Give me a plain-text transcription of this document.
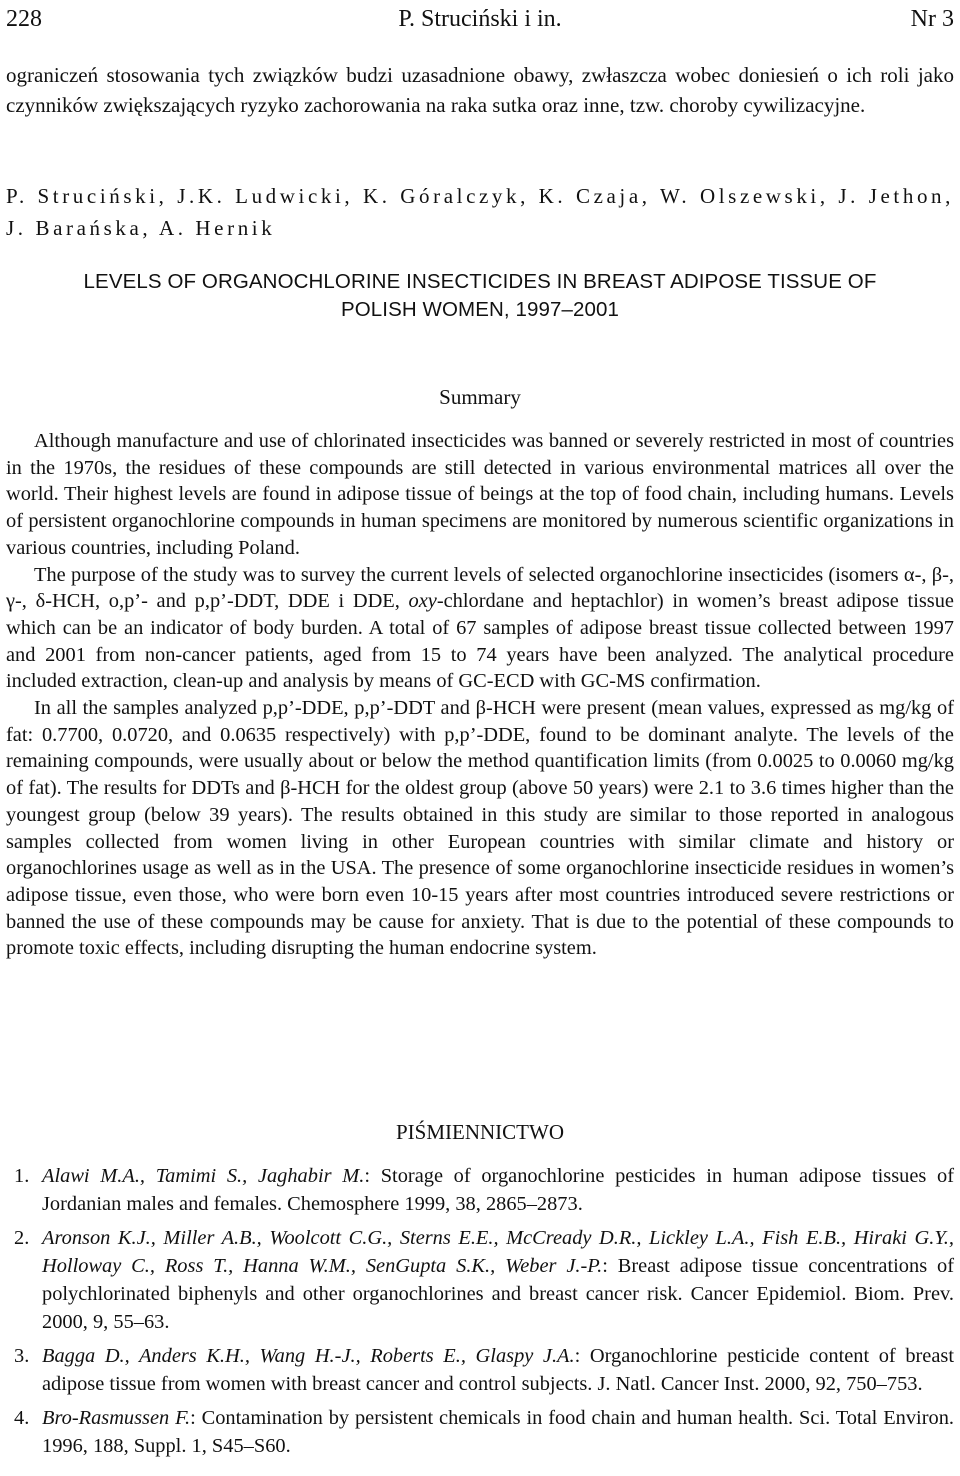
228	P. Struciński i in.	Nr 3
ograniczeń stosowania tych związków budzi uzasadnione obawy, zwłaszcza wobec doniesień o ich roli jako czynników zwiększających ryzyko zachorowania na raka sutka oraz inne, tzw. choroby cywilizacyjne.
P. Struciński, J.K. Ludwicki, K. Góralczyk, K. Czaja, W. Olszewski, J. Jethon, J. Barańska, A. Hernik
LEVELS OF ORGANOCHLORINE INSECTICIDES IN BREAST ADIPOSE TISSUE OF
POLISH WOMEN, 1997–2001
Summary

Although manufacture and use of chlorinated insecticides was banned or severely restricted in most of countries in the 1970s, the residues of these compounds are still detected in various environmental matrices all over the world. Their highest levels are found in adipose tissue of beings at the top of food chain, including humans. Levels of persistent organochlorine compounds in human specimens are monitored by numerous scientific organizations in various countries, including Poland.

The purpose of the study was to survey the current levels of selected organochlorine insecticides (isomers α-, β-, γ-, δ-HCH, o,p’- and p,p’-DDT, DDE i DDE, oxy-chlordane and heptachlor) in women’s breast adipose tissue which can be an indicator of body burden. A total of 67 samples of adipose breast tissue collected between 1997 and 2001 from non-cancer patients, aged from 15 to 74 years have been analyzed. The analytical procedure included extraction, clean-up and analysis by means of GC-ECD with GC-MS confirmation.

In all the samples analyzed p,p’-DDE, p,p’-DDT and β-HCH were present (mean values, expressed as mg/kg of fat: 0.7700, 0.0720, and 0.0635 respectively) with p,p’-DDE, found to be dominant analyte. The levels of the remaining compounds, were usually about or below the method quantification limits (from 0.0025 to 0.0060 mg/kg of fat). The results for DDTs and β-HCH for the oldest group (above 50 years) were 2.1 to 3.6 times higher than the youngest group (below 39 years). The results obtained in this study are similar to those reported in analogous samples collected from women living in other European countries with similar climate and history or organochlorines usage as well as in the USA. The presence of some organochlorine insecticide residues in women’s adipose tissue, even those, who were born even 10-15 years after most countries introduced severe restrictions or banned the use of these compounds may be cause for anxiety. That is due to the potential of these compounds to promote toxic effects, including disrupting the human endocrine system.

PIŚMIENNICTWO
1. Alawi M.A., Tamimi S., Jaghabir M.: Storage of organochlorine pesticides in human adipose tissues of Jordanian males and females. Chemosphere 1999, 38, 2865–2873.
2. Aronson K.J., Miller A.B., Woolcott C.G., Sterns E.E., McCready D.R., Lickley L.A., Fish E.B., Hiraki G.Y., Holloway C., Ross T., Hanna W.M., SenGupta S.K., Weber J.-P.: Breast adipose tissue concentrations of polychlorinated biphenyls and other organochlorines and breast cancer risk. Cancer Epidemiol. Biom. Prev. 2000, 9, 55–63.
3. Bagga D., Anders K.H., Wang H.-J., Roberts E., Glaspy J.A.: Organochlorine pesticide content of breast adipose tissue from women with breast cancer and control subjects. J. Natl. Cancer Inst. 2000, 92, 750–753.
4. Bro-Rasmussen F.: Contamination by persistent chemicals in food chain and human health. Sci. Total Environ. 1996, 188, Suppl. 1, S45–S60.
